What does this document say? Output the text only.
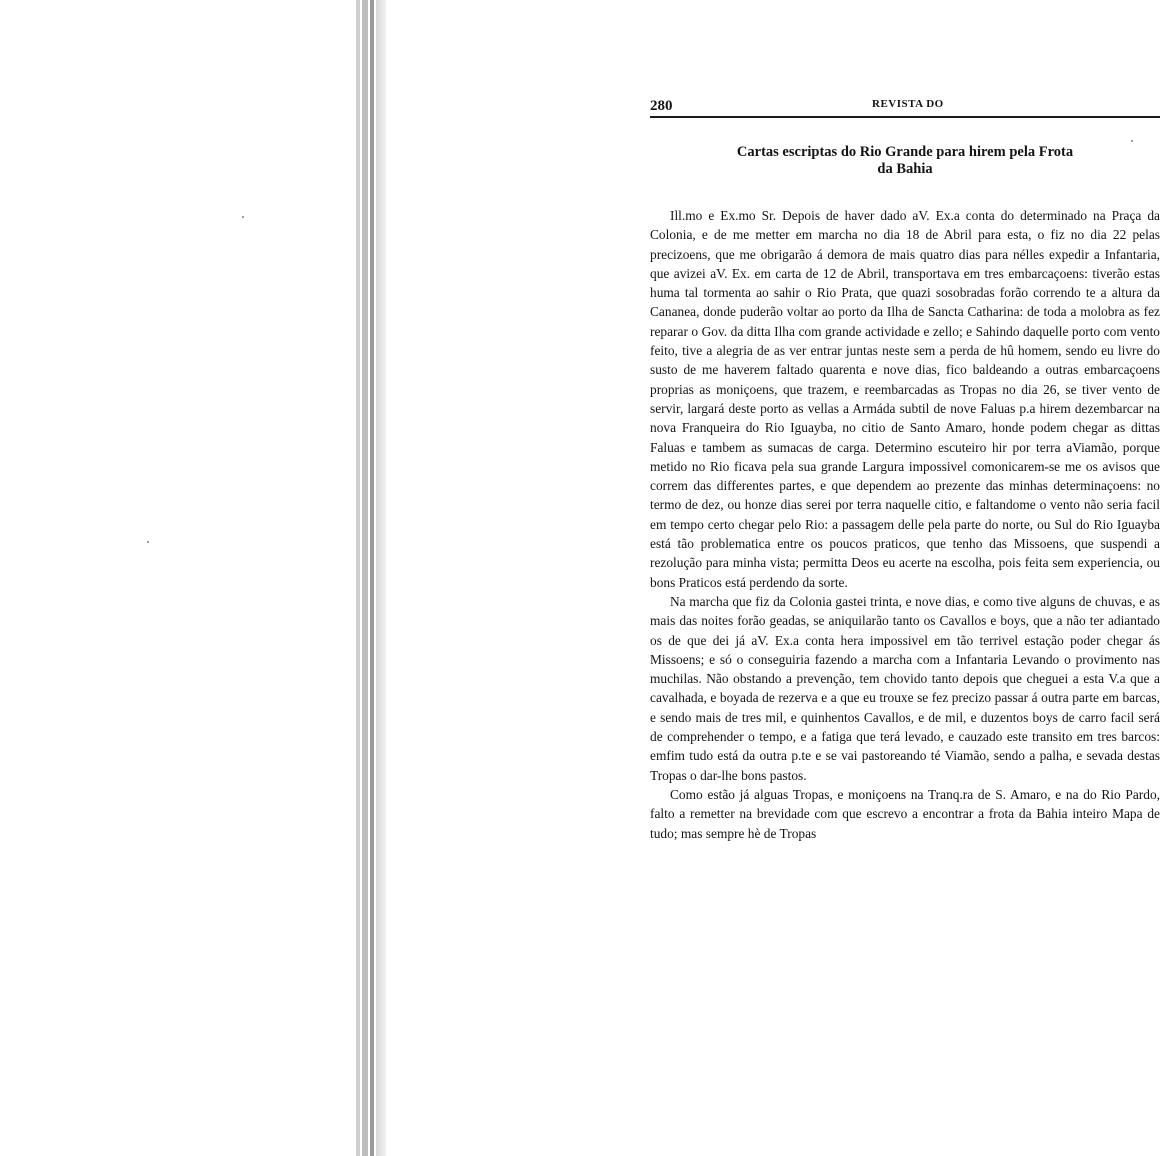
280	REVISTA DO
Cartas escriptas do Rio Grande para hirem pela Frota
da Bahia

Ill.mo e Ex.mo Sr. Depois de haver dado aV. Ex.a conta do determinado na Praça da Colonia, e de me metter em marcha no dia 18 de Abril para esta, o fiz no dia 22 pelas precizoens, que me obrigarão á demora de mais quatro dias para nélles expedir a Infantaria, que avizei aV. Ex. em carta de 12 de Abril, transportava em tres embarcaçoens: tiverão estas huma tal tormenta ao sahir o Rio Prata, que quazi sosobradas forão correndo te a altura da Cananea, donde puderão voltar ao porto da Ilha de Sancta Catharina: de toda a molobra as fez reparar o Gov. da ditta Ilha com grande actividade e zello; e Sahindo daquelle porto com vento feito, tive a alegria de as ver entrar juntas neste sem a perda de hû homem, sendo eu livre do susto de me haverem faltado quarenta e nove dias, fico baldeando a outras embarcaçoens proprias as moniçoens, que trazem, e reembarcadas as Tropas no dia 26, se tiver vento de servir, largará deste porto as vellas a Armáda subtil de nove Faluas p.a hirem dezembarcar na nova Franqueira do Rio Iguayba, no citio de Santo Amaro, honde podem chegar as dittas Faluas e tambem as sumacas de carga. Determino escuteiro hir por terra aViamão, porque metido no Rio ficava pela sua grande Largura impossivel comonicarem-se me os avisos que correm das differentes partes, e que dependem ao prezente das minhas determinaçoens: no termo de dez, ou honze dias serei por terra naquelle citio, e faltandome o vento não seria facil em tempo certo chegar pelo Rio: a passagem delle pela parte do norte, ou Sul do Rio Iguayba está tão problematica entre os poucos praticos, que tenho das Missoens, que suspendi a rezolução para minha vista; permitta Deos eu acerte na escolha, pois feita sem experiencia, ou bons Praticos está perdendo da sorte.

Na marcha que fiz da Colonia gastei trinta, e nove dias, e como tive alguns de chuvas, e as mais das noites forão geadas, se aniquilarão tanto os Cavallos e boys, que a não ter adiantado os de que dei já aV. Ex.a conta hera impossivel em tão terrivel estação poder chegar ás Missoens; e só o conseguiria fazendo a marcha com a Infantaria Levando o provimento nas muchilas. Não obstando a prevenção, tem chovido tanto depois que cheguei a esta V.a que a cavalhada, e boyada de rezerva e a que eu trouxe se fez precizo passar á outra parte em barcas, e sendo mais de tres mil, e quinhentos Cavallos, e de mil, e duzentos boys de carro facil será de comprehender o tempo, e a fatiga que terá levado, e cauzado este transito em tres barcos: emfim tudo está da outra p.te e se vai pastoreando té Viamão, sendo a palha, e sevada destas Tropas o dar-lhe bons pastos.

Como estão já alguas Tropas, e moniçoens na Tranq.ra de S. Amaro, e na do Rio Pardo, falto a remetter na brevidade com que escrevo a encontrar a frota da Bahia inteiro Mapa de tudo; mas sempre hè de Tropas
